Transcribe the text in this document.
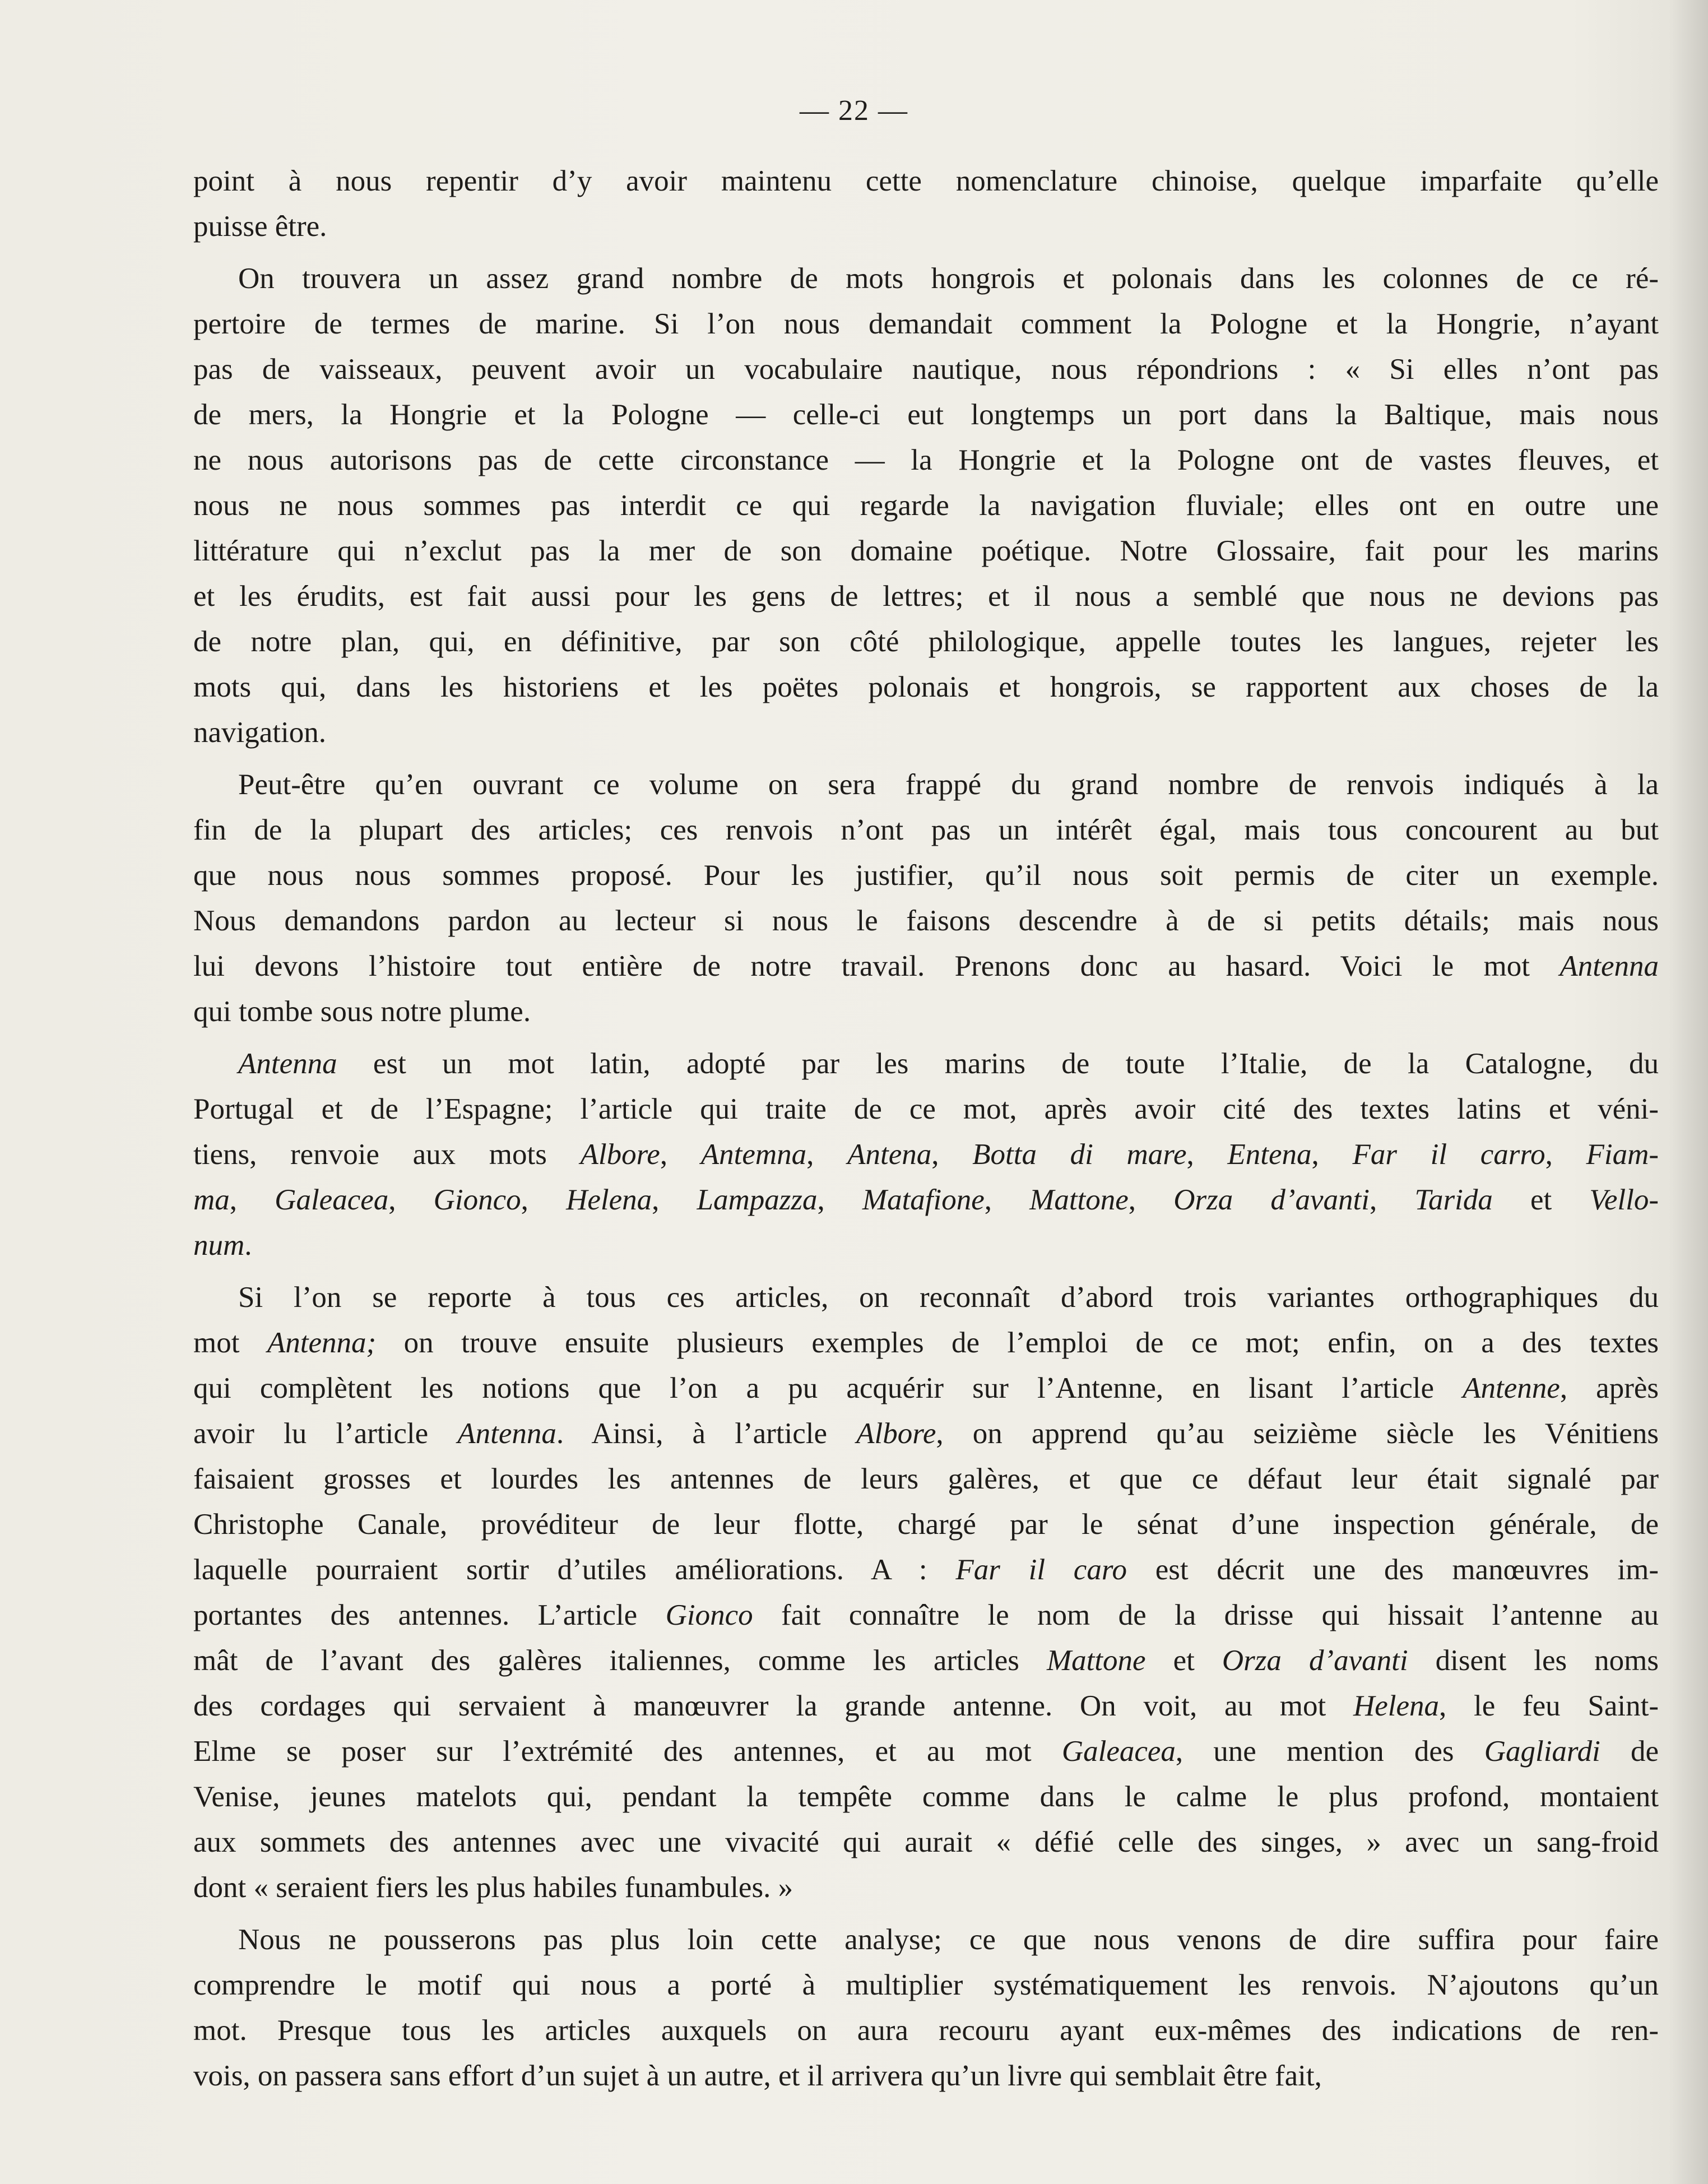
— 22 —
point à nous repentir d’y avoir maintenu cette nomenclature chinoise, quelque imparfaite qu’elle
puisse être.
On trouvera un assez grand nombre de mots hongrois et polonais dans les colonnes de ce ré-
pertoire de termes de marine. Si l’on nous demandait comment la Pologne et la Hongrie, n’ayant
pas de vaisseaux, peuvent avoir un vocabulaire nautique, nous répondrions : « Si elles n’ont pas
de mers, la Hongrie et la Pologne — celle-ci eut longtemps un port dans la Baltique, mais nous
ne nous autorisons pas de cette circonstance — la Hongrie et la Pologne ont de vastes fleuves, et
nous ne nous sommes pas interdit ce qui regarde la navigation fluviale; elles ont en outre une
littérature qui n’exclut pas la mer de son domaine poétique. Notre Glossaire, fait pour les marins
et les érudits, est fait aussi pour les gens de lettres; et il nous a semblé que nous ne devions pas
de notre plan, qui, en définitive, par son côté philologique, appelle toutes les langues, rejeter les
mots qui, dans les historiens et les poëtes polonais et hongrois, se rapportent aux choses de la
navigation.
Peut-être qu’en ouvrant ce volume on sera frappé du grand nombre de renvois indiqués à la
fin de la plupart des articles; ces renvois n’ont pas un intérêt égal, mais tous concourent au but
que nous nous sommes proposé. Pour les justifier, qu’il nous soit permis de citer un exemple.
Nous demandons pardon au lecteur si nous le faisons descendre à de si petits détails; mais nous
lui devons l’histoire tout entière de notre travail. Prenons donc au hasard. Voici le mot Antenna
qui tombe sous notre plume.
Antenna est un mot latin, adopté par les marins de toute l’Italie, de la Catalogne, du
Portugal et de l’Espagne; l’article qui traite de ce mot, après avoir cité des textes latins et véni-
tiens, renvoie aux mots Albore, Antemna, Antena, Botta di mare, Entena, Far il carro, Fiam-
ma, Galeacea, Gionco, Helena, Lampazza, Matafione, Mattone, Orza d’avanti, Tarida et Vello-
num.
Si l’on se reporte à tous ces articles, on reconnaît d’abord trois variantes orthographiques du
mot Antenna; on trouve ensuite plusieurs exemples de l’emploi de ce mot; enfin, on a des textes
qui complètent les notions que l’on a pu acquérir sur l’Antenne, en lisant l’article Antenne, après
avoir lu l’article Antenna. Ainsi, à l’article Albore, on apprend qu’au seizième siècle les Vénitiens
faisaient grosses et lourdes les antennes de leurs galères, et que ce défaut leur était signalé par
Christophe Canale, provéditeur de leur flotte, chargé par le sénat d’une inspection générale, de
laquelle pourraient sortir d’utiles améliorations. A : Far il caro est décrit une des manœuvres im-
portantes des antennes. L’article Gionco fait connaître le nom de la drisse qui hissait l’antenne au
mât de l’avant des galères italiennes, comme les articles Mattone et Orza d’avanti disent les noms
des cordages qui servaient à manœuvrer la grande antenne. On voit, au mot Helena, le feu Saint-
Elme se poser sur l’extrémité des antennes, et au mot Galeacea, une mention des Gagliardi de
Venise, jeunes matelots qui, pendant la tempête comme dans le calme le plus profond, montaient
aux sommets des antennes avec une vivacité qui aurait « défié celle des singes, » avec un sang-froid
dont « seraient fiers les plus habiles funambules. »
Nous ne pousserons pas plus loin cette analyse; ce que nous venons de dire suffira pour faire
comprendre le motif qui nous a porté à multiplier systématiquement les renvois. N’ajoutons qu’un
mot. Presque tous les articles auxquels on aura recouru ayant eux-mêmes des indications de ren-
vois, on passera sans effort d’un sujet à un autre, et il arrivera qu’un livre qui semblait être fait,
